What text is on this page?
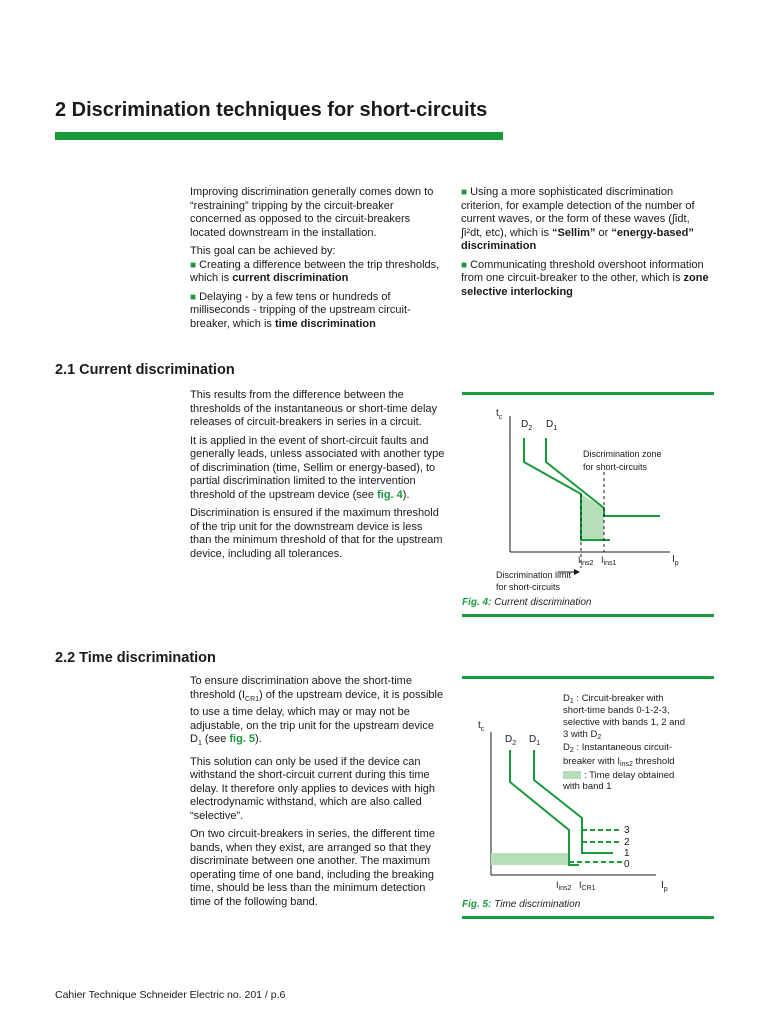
2 Discrimination techniques for short-circuits

Improving discrimination generally comes down to “restraining” tripping by the circuit-breaker concerned as opposed to the circuit-breakers located downstream in the installation.

This goal can be achieved by:

■ Creating a difference between the trip thresholds, which is current discrimination

■ Delaying - by a few tens or hundreds of milliseconds - tripping of the upstream circuit-breaker, which is time discrimination

■ Using a more sophisticated discrimination criterion, for example detection of the number of current waves, or the form of these waves (∫idt, ∫i²dt, etc), which is “Sellim” or “energy-based” discrimination

■ Communicating threshold overshoot information from one circuit-breaker to the other, which is zone selective interlocking

2.1 Current discrimination

This results from the difference between the thresholds of the instantaneous or short-time delay releases of circuit-breakers in series in a circuit.

It is applied in the event of short-circuit faults and generally leads, unless associated with another type of discrimination (time, Sellim or energy-based), to partial discrimination limited to the intervention threshold of the upstream device (see fig. 4).

Discrimination is ensured if the maximum threshold of the trip unit for the downstream device is less than the minimum threshold of that for the upstream device, including all tolerances.

$t_c$
$D_2$ $D_1$
Discrimination zone
for short-circuits
$I_{ins2}$ $I_{ins1}$	$I_p$
Discrimination limit
for short-circuits
Fig. 4: Current discrimination
2.2 Time discrimination

To ensure discrimination above the short-time threshold $(I_{CR1})$ of the upstream device, it is possible to use a time delay, which may or may not be adjustable, on the trip unit for the upstream device $D_1$ (see fig. 5).

This solution can only be used if the device can withstand the short-circuit current during this time delay. It therefore only applies to devices with high electrodynamic withstand, which are also called “selective”.

On two circuit-breakers in series, the different time bands, when they exist, are arranged so that they discriminate between one another. The maximum operating time of one band, including the breaking time, should be less than the minimum detection time of the following band.

$D_1$ : Circuit-breaker with
short-time bands 0-1-2-3,
selective with bands 1, 2 and
3 with $D_2$
$D_2$ : Instantaneous circuit-
breaker with $I_{ins2}$ threshold
: Time delay obtained
with band 1
$t_c$
$D_2$ $D_1$
3
2
1
0
$I_{ins2}$ $I_{CR1}$	$I_p$
Fig. 5: Time discrimination
Cahier Technique Schneider Electric no. 201 / p.6
